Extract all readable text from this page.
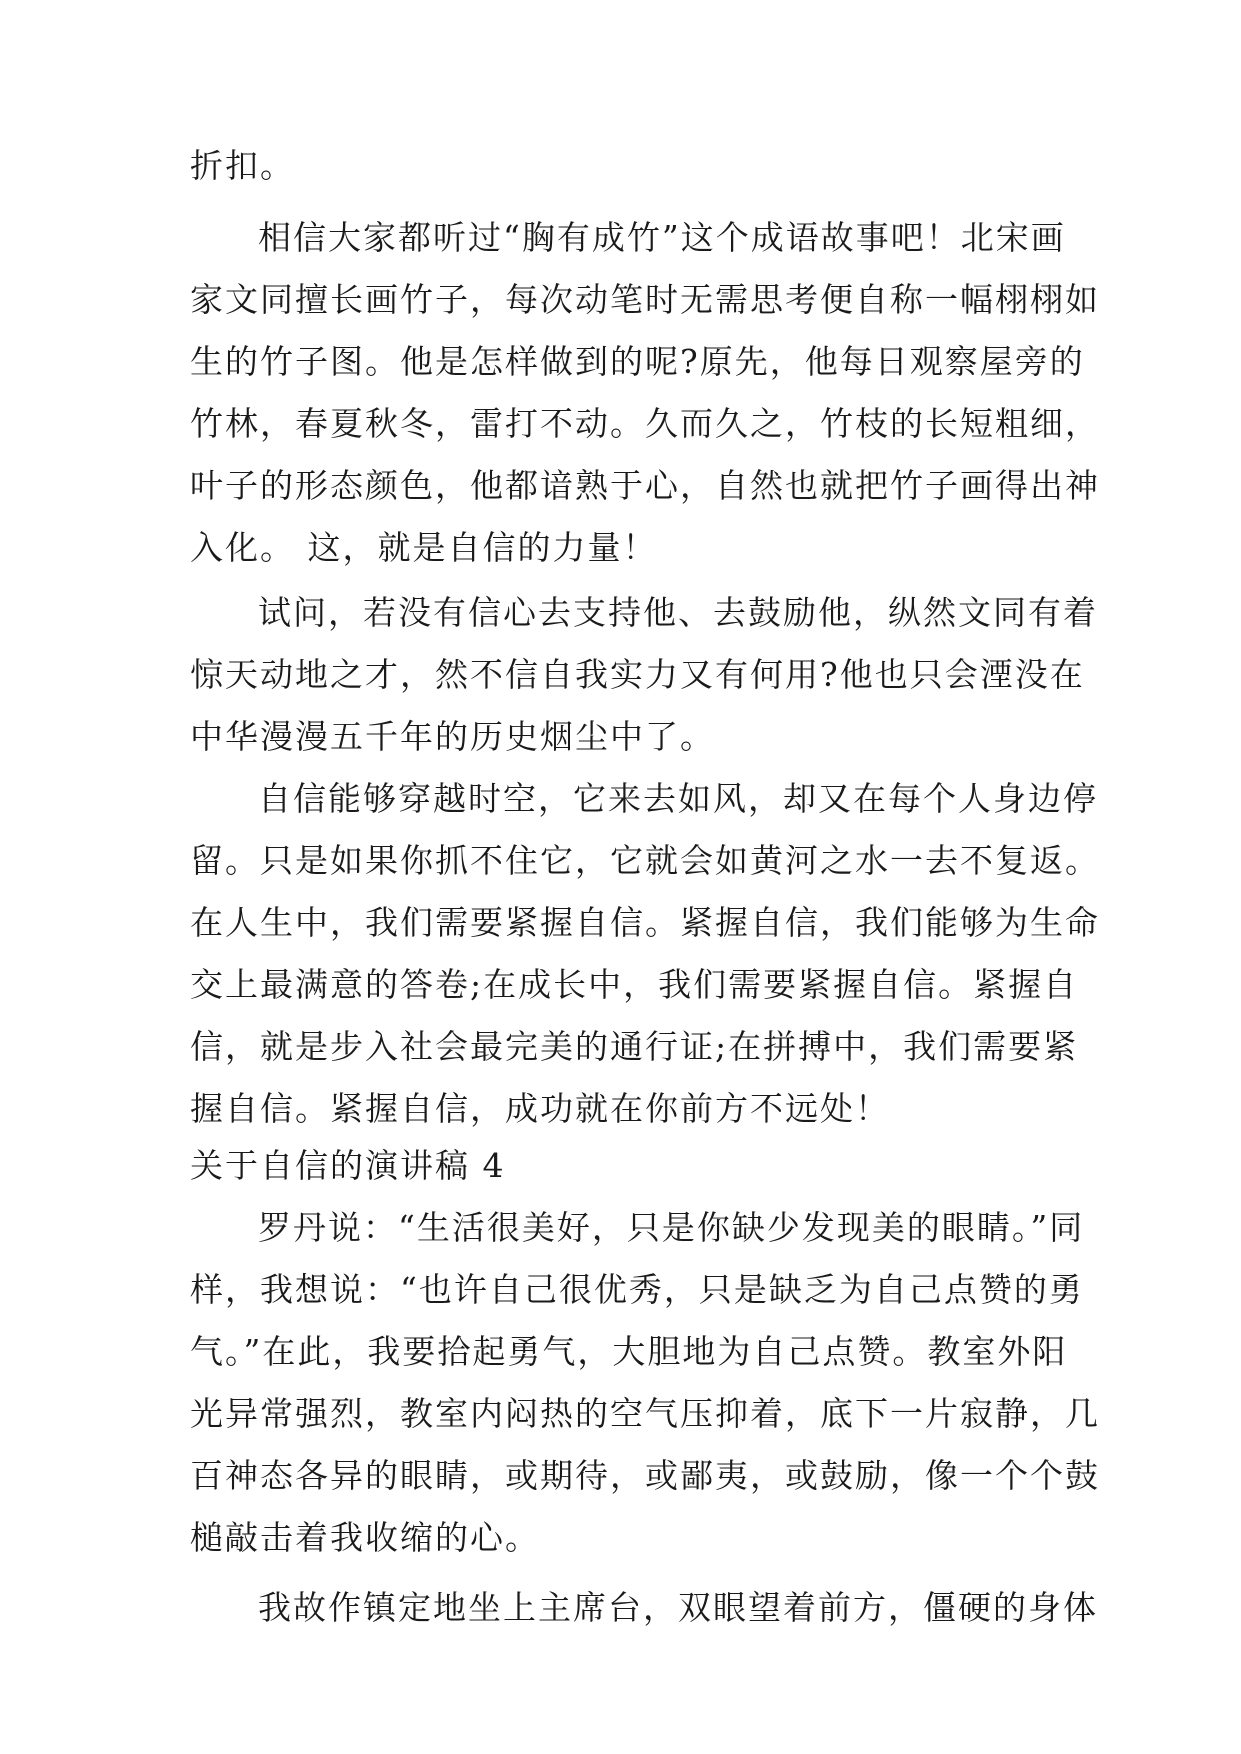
折扣。
相信大家都听过“胸有成竹”这个成语故事吧！北宋画
家文同擅长画竹子，每次动笔时无需思考便自称一幅栩栩如
生的竹子图。他是怎样做到的呢?原先，他每日观察屋旁的
竹林，春夏秋冬，雷打不动。久而久之，竹枝的长短粗细，
叶子的形态颜色，他都谙熟于心，自然也就把竹子画得出神
入化。 这，就是自信的力量！
试问，若没有信心去支持他、去鼓励他，纵然文同有着
惊天动地之才，然不信自我实力又有何用?他也只会湮没在
中华漫漫五千年的历史烟尘中了。
自信能够穿越时空，它来去如风，却又在每个人身边停
留。只是如果你抓不住它，它就会如黄河之水一去不复返。
在人生中，我们需要紧握自信。紧握自信，我们能够为生命
交上最满意的答卷;在成长中，我们需要紧握自信。紧握自
信，就是步入社会最完美的通行证;在拼搏中，我们需要紧
握自信。紧握自信，成功就在你前方不远处！
关于自信的演讲稿 4
罗丹说：“生活很美好，只是你缺少发现美的眼睛。”同
样，我想说：“也许自己很优秀，只是缺乏为自己点赞的勇
气。”在此，我要拾起勇气，大胆地为自己点赞。教室外阳
光异常强烈，教室内闷热的空气压抑着，底下一片寂静，几
百神态各异的眼睛，或期待，或鄙夷，或鼓励，像一个个鼓
槌敲击着我收缩的心。
我故作镇定地坐上主席台，双眼望着前方，僵硬的身体
